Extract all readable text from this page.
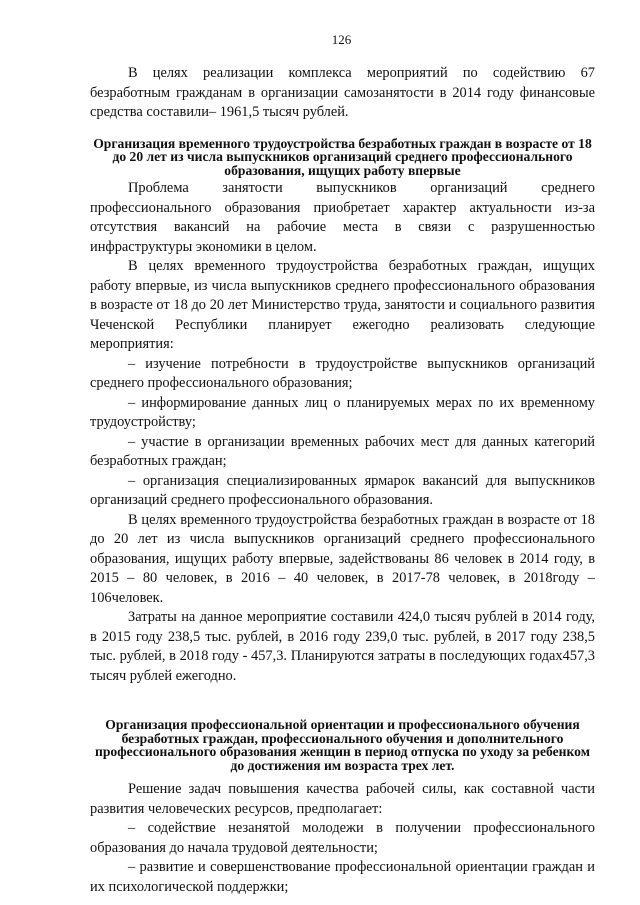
126

В целях реализации комплекса мероприятий по содействию 67 безработным гражданам в организации самозанятости в 2014 году финансовые средства составили– 1961,5 тысяч рублей.

Организация временного трудоустройства безработных граждан в возрасте от 18 до 20 лет из числа выпускников организаций среднего профессионального образования, ищущих работу впервые

Проблема занятости выпускников организаций среднего профессионального образования приобретает характер актуальности из-за отсутствия вакансий на рабочие места в связи с разрушенностью инфраструктуры экономики в целом.

В целях временного трудоустройства безработных граждан, ищущих работу впервые, из числа выпускников среднего профессионального образования в возрасте от 18 до 20 лет Министерство труда, занятости и социального развития Чеченской Республики планирует ежегодно реализовать следующие мероприятия:

– изучение потребности в трудоустройстве выпускников организаций среднего профессионального образования;

– информирование данных лиц о планируемых мерах по их временному трудоустройству;

– участие в организации временных рабочих мест для данных категорий безработных граждан;

– организация специализированных ярмарок вакансий для выпускников организаций среднего профессионального образования.

В целях временного трудоустройства безработных граждан в возрасте от 18 до 20 лет из числа выпускников организаций среднего профессионального образования, ищущих работу впервые, задействованы 86 человек в 2014 году, в 2015 – 80 человек, в 2016 – 40 человек, в 2017-78 человек, в 2018году – 106человек.

Затраты на данное мероприятие составили 424,0 тысяч рублей в 2014 году, в 2015 году 238,5 тыс. рублей, в 2016 году 239,0 тыс. рублей, в 2017 году 238,5 тыс. рублей, в 2018 году - 457,3. Планируются затраты в последующих годах457,3 тысяч рублей ежегодно.

Организация профессиональной ориентации и профессионального обучения безработных граждан, профессионального обучения и дополнительного профессионального образования женщин в период отпуска по уходу за ребенком до достижения им возраста трех лет.

Решение задач повышения качества рабочей силы, как составной части развития человеческих ресурсов, предполагает:

– содействие незанятой молодежи в получении профессионального образования до начала трудовой деятельности;

– развитие и совершенствование профессиональной ориентации граждан и их психологической поддержки;
